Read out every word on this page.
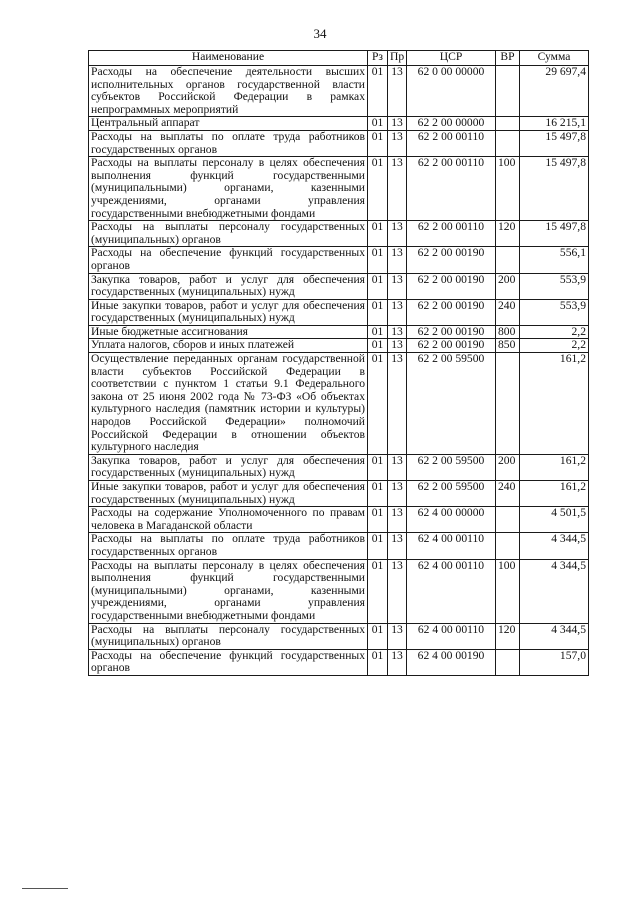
34
Наименование	Рз	Пр	ЦСР	ВР	Сумма
Расходы на обеспечение деятельности высших исполнительных органов государственной власти субъектов Российской Федерации в рамках непрограммных мероприятий	01	13	62 0 00 00000		29 697,4
Центральный аппарат	01	13	62 2 00 00000		16 215,1
Расходы на выплаты по оплате труда работников государственных органов	01	13	62 2 00 00110		15 497,8
Расходы на выплаты персоналу в целях обеспечения выполнения функций государственными (муниципальными) органами, казенными учреждениями, органами управления государственными внебюджетными фондами	01	13	62 2 00 00110	100	15 497,8
Расходы на выплаты персоналу государственных (муниципальных) органов	01	13	62 2 00 00110	120	15 497,8
Расходы на обеспечение функций государственных органов	01	13	62 2 00 00190		556,1
Закупка товаров, работ и услуг для обеспечения государственных (муниципальных) нужд	01	13	62 2 00 00190	200	553,9
Иные закупки товаров, работ и услуг для обеспечения государственных (муниципальных) нужд	01	13	62 2 00 00190	240	553,9
Иные бюджетные ассигнования	01	13	62 2 00 00190	800	2,2
Уплата налогов, сборов и иных платежей	01	13	62 2 00 00190	850	2,2
Осуществление переданных органам государственной власти субъектов Российской Федерации в соответствии с пунктом 1 статьи 9.1 Федерального закона от 25 июня 2002 года № 73-ФЗ «Об объектах культурного наследия (памятник истории и культуры) народов Российской Федерации» полномочий Российской Федерации в отношении объектов культурного наследия	01	13	62 2 00 59500		161,2
Закупка товаров, работ и услуг для обеспечения государственных (муниципальных) нужд	01	13	62 2 00 59500	200	161,2
Иные закупки товаров, работ и услуг для обеспечения государственных (муниципальных) нужд	01	13	62 2 00 59500	240	161,2
Расходы на содержание Уполномоченного по правам человека в Магаданской области	01	13	62 4 00 00000		4 501,5
Расходы на выплаты по оплате труда работников государственных органов	01	13	62 4 00 00110		4 344,5
Расходы на выплаты персоналу в целях обеспечения выполнения функций государственными (муниципальными) органами, казенными учреждениями, органами управления государственными внебюджетными фондами	01	13	62 4 00 00110	100	4 344,5
Расходы на выплаты персоналу государственных (муниципальных) органов	01	13	62 4 00 00110	120	4 344,5
Расходы на обеспечение функций государственных органов	01	13	62 4 00 00190		157,0
